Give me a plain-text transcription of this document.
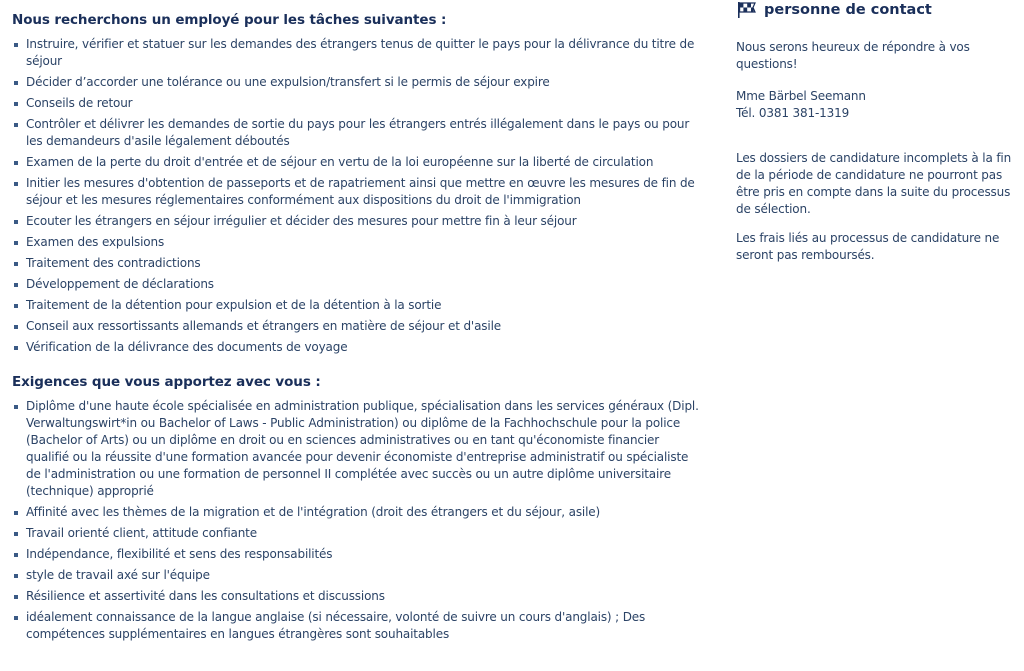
Nous recherchons un employé pour les tâches suivantes :
Instruire, vérifier et statuer sur les demandes des étrangers tenus de quitter le pays pour la délivrance du titre de séjour
Décider d’accorder une tolérance ou une expulsion/transfert si le permis de séjour expire
Conseils de retour
Contrôler et délivrer les demandes de sortie du pays pour les étrangers entrés illégalement dans le pays ou pour les demandeurs d'asile légalement déboutés
Examen de la perte du droit d'entrée et de séjour en vertu de la loi européenne sur la liberté de circulation
Initier les mesures d'obtention de passeports et de rapatriement ainsi que mettre en œuvre les mesures de fin de séjour et les mesures réglementaires conformément aux dispositions du droit de l'immigration
Ecouter les étrangers en séjour irrégulier et décider des mesures pour mettre fin à leur séjour
Examen des expulsions
Traitement des contradictions
Développement de déclarations
Traitement de la détention pour expulsion et de la détention à la sortie
Conseil aux ressortissants allemands et étrangers en matière de séjour et d'asile
Vérification de la délivrance des documents de voyage
Exigences que vous apportez avec vous :
Diplôme d'une haute école spécialisée en administration publique, spécialisation dans les services généraux (Dipl. Verwaltungswirt*in ou Bachelor of Laws - Public Administration) ou diplôme de la Fachhochschule pour la police (Bachelor of Arts) ou un diplôme en droit ou en sciences administratives ou en tant qu'économiste financier qualifié ou la réussite d'une formation avancée pour devenir économiste d'entreprise administratif ou spécialiste de l'administration ou une formation de personnel II complétée avec succès ou un autre diplôme universitaire (technique) approprié
Affinité avec les thèmes de la migration et de l'intégration (droit des étrangers et du séjour, asile)
Travail orienté client, attitude confiante
Indépendance, flexibilité et sens des responsabilités
style de travail axé sur l'équipe
Résilience et assertivité dans les consultations et discussions
idéalement connaissance de la langue anglaise (si nécessaire, volonté de suivre un cours d'anglais) ; Des compétences supplémentaires en langues étrangères sont souhaitables
personne de contact

Nous serons heureux de répondre à vos questions!

Mme Bärbel Seemann

Tél. 0381 381-1319

Les dossiers de candidature incomplets à la fin de la période de candidature ne pourront pas être pris en compte dans la suite du processus de sélection.

Les frais liés au processus de candidature ne seront pas remboursés.
